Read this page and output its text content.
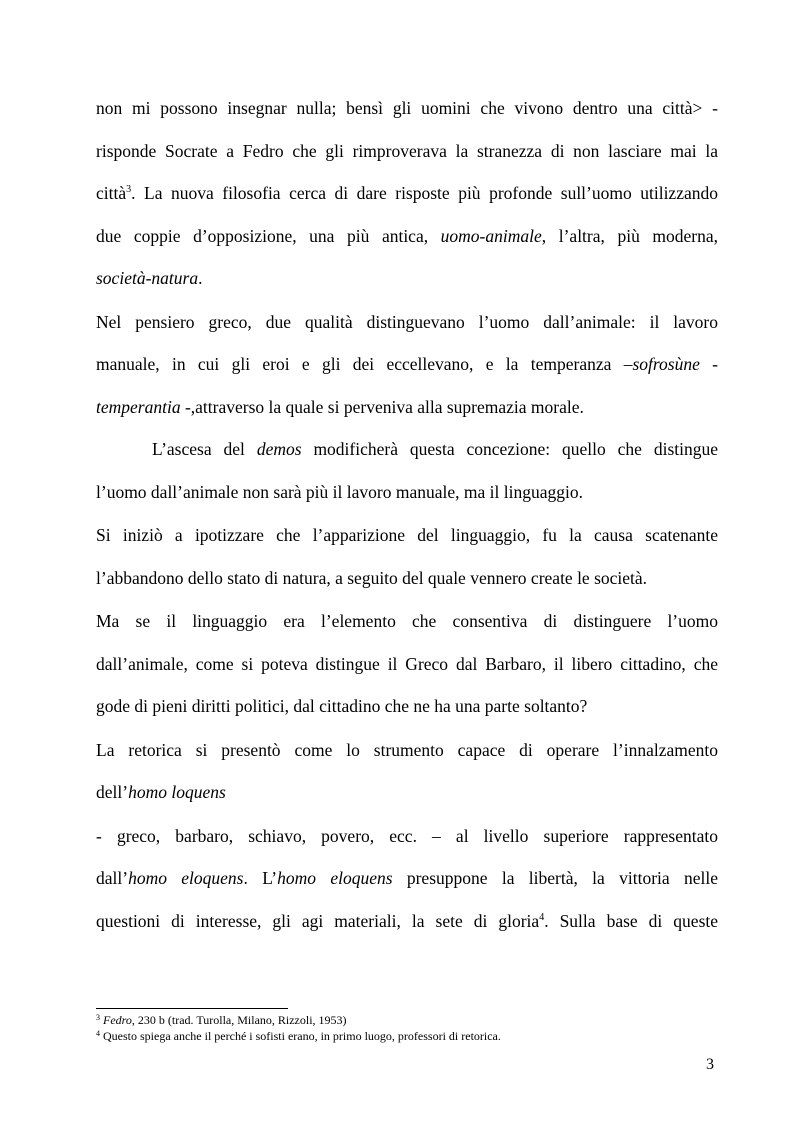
non mi possono insegnar nulla; bensì gli uomini che vivono dentro una città> -
risponde Socrate a Fedro che gli rimproverava la stranezza di non lasciare mai la
città$^3$. La nuova filosofia cerca di dare risposte più profonde sull’uomo utilizzando
due coppie d’opposizione, una più antica, uomo-animale, l’altra, più moderna,
società-natura.
Nel pensiero greco, due qualità distinguevano l’uomo dall’animale: il lavoro
manuale, in cui gli eroi e gli dei eccellevano, e la temperanza –sofrosùne -
temperantia -,attraverso la quale si perveniva alla supremazia morale.
L’ascesa del demos modificherà questa concezione: quello che distingue
l’uomo dall’animale non sarà più il lavoro manuale, ma il linguaggio.
Si iniziò a ipotizzare che l’apparizione del linguaggio, fu la causa scatenante
l’abbandono dello stato di natura, a seguito del quale vennero create le società.
Ma se il linguaggio era l’elemento che consentiva di distinguere l’uomo
dall’animale, come si poteva distingue il Greco dal Barbaro, il libero cittadino, che
gode di pieni diritti politici, dal cittadino che ne ha una parte soltanto?
La retorica si presentò come lo strumento capace di operare l’innalzamento
dell’homo loquens
- greco, barbaro, schiavo, povero, ecc. – al livello superiore rappresentato
dall’homo eloquens. L’homo eloquens presuppone la libertà, la vittoria nelle
questioni di interesse, gli agi materiali, la sete di gloria$^4$. Sulla base di queste
$^3$ Fedro, 230 b (trad. Turolla, Milano, Rizzoli, 1953)
$^4$ Questo spiega anche il perché i sofisti erano, in primo luogo, professori di retorica.
3
